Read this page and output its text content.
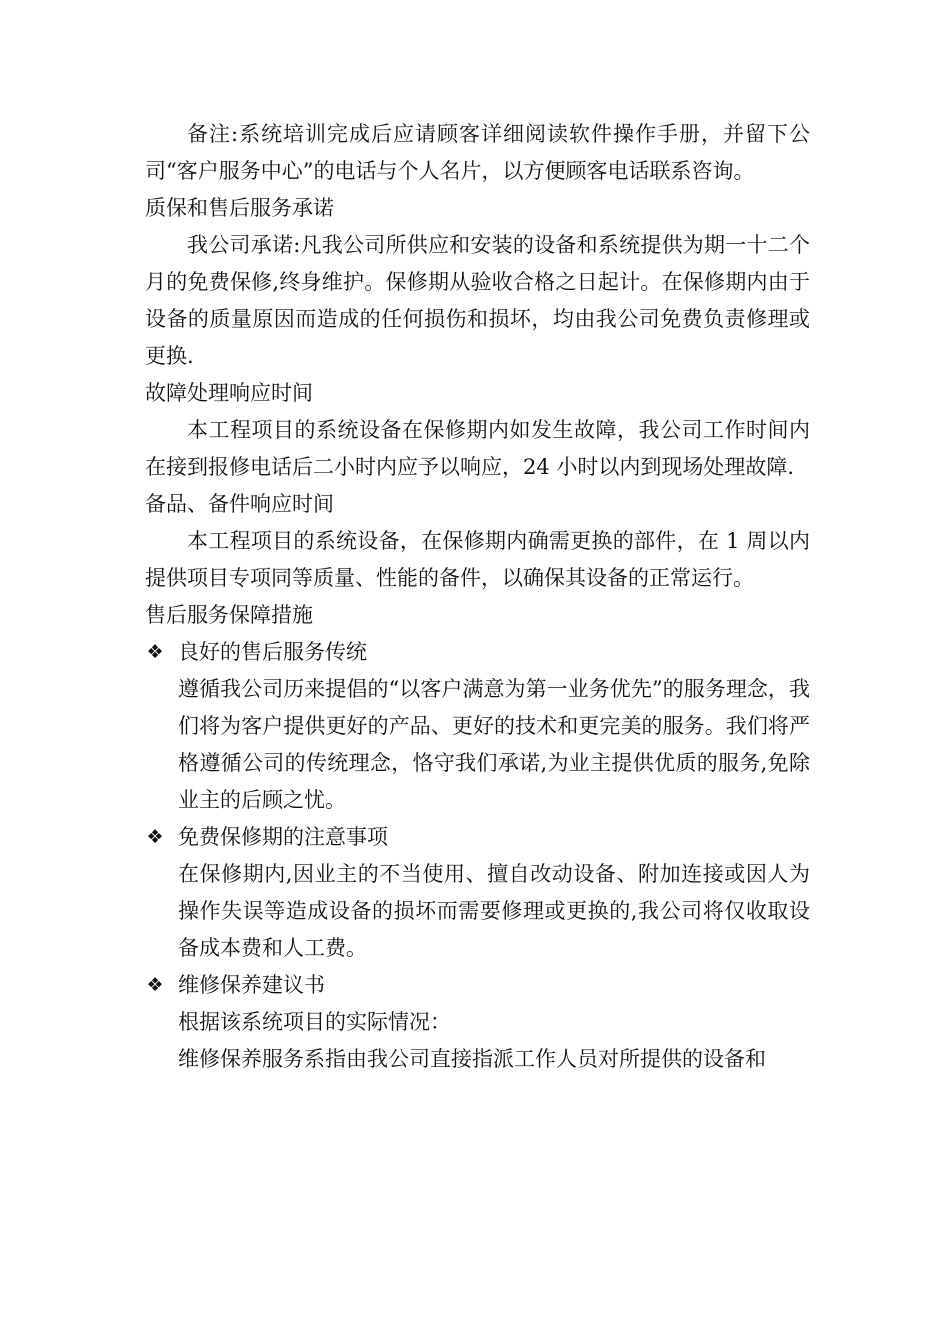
备注:系统培训完成后应请顾客详细阅读软件操作手册，并留下公司“客户服务中心”的电话与个人名片，以方便顾客电话联系咨询。

质保和售后服务承诺

我公司承诺:凡我公司所供应和安装的设备和系统提供为期一十二个月的免费保修,终身维护。保修期从验收合格之日起计。在保修期内由于设备的质量原因而造成的任何损伤和损坏，均由我公司免费负责修理或更换.

故障处理响应时间

本工程项目的系统设备在保修期内如发生故障，我公司工作时间内在接到报修电话后二小时内应予以响应，24 小时以内到现场处理故障.

备品、备件响应时间

本工程项目的系统设备，在保修期内确需更换的部件，在 1 周以内提供项目专项同等质量、性能的备件，以确保其设备的正常运行。

售后服务保障措施

❖ 良好的售后服务传统

遵循我公司历来提倡的“以客户满意为第一业务优先”的服务理念，我们将为客户提供更好的产品、更好的技术和更完美的服务。我们将严格遵循公司的传统理念，恪守我们承诺,为业主提供优质的服务,免除业主的后顾之忧。

❖ 免费保修期的注意事项

在保修期内,因业主的不当使用、擅自改动设备、附加连接或因人为操作失误等造成设备的损坏而需要修理或更换的,我公司将仅收取设备成本费和人工费。

❖ 维修保养建议书

根据该系统项目的实际情况：

维修保养服务系指由我公司直接指派工作人员对所提供的设备和
